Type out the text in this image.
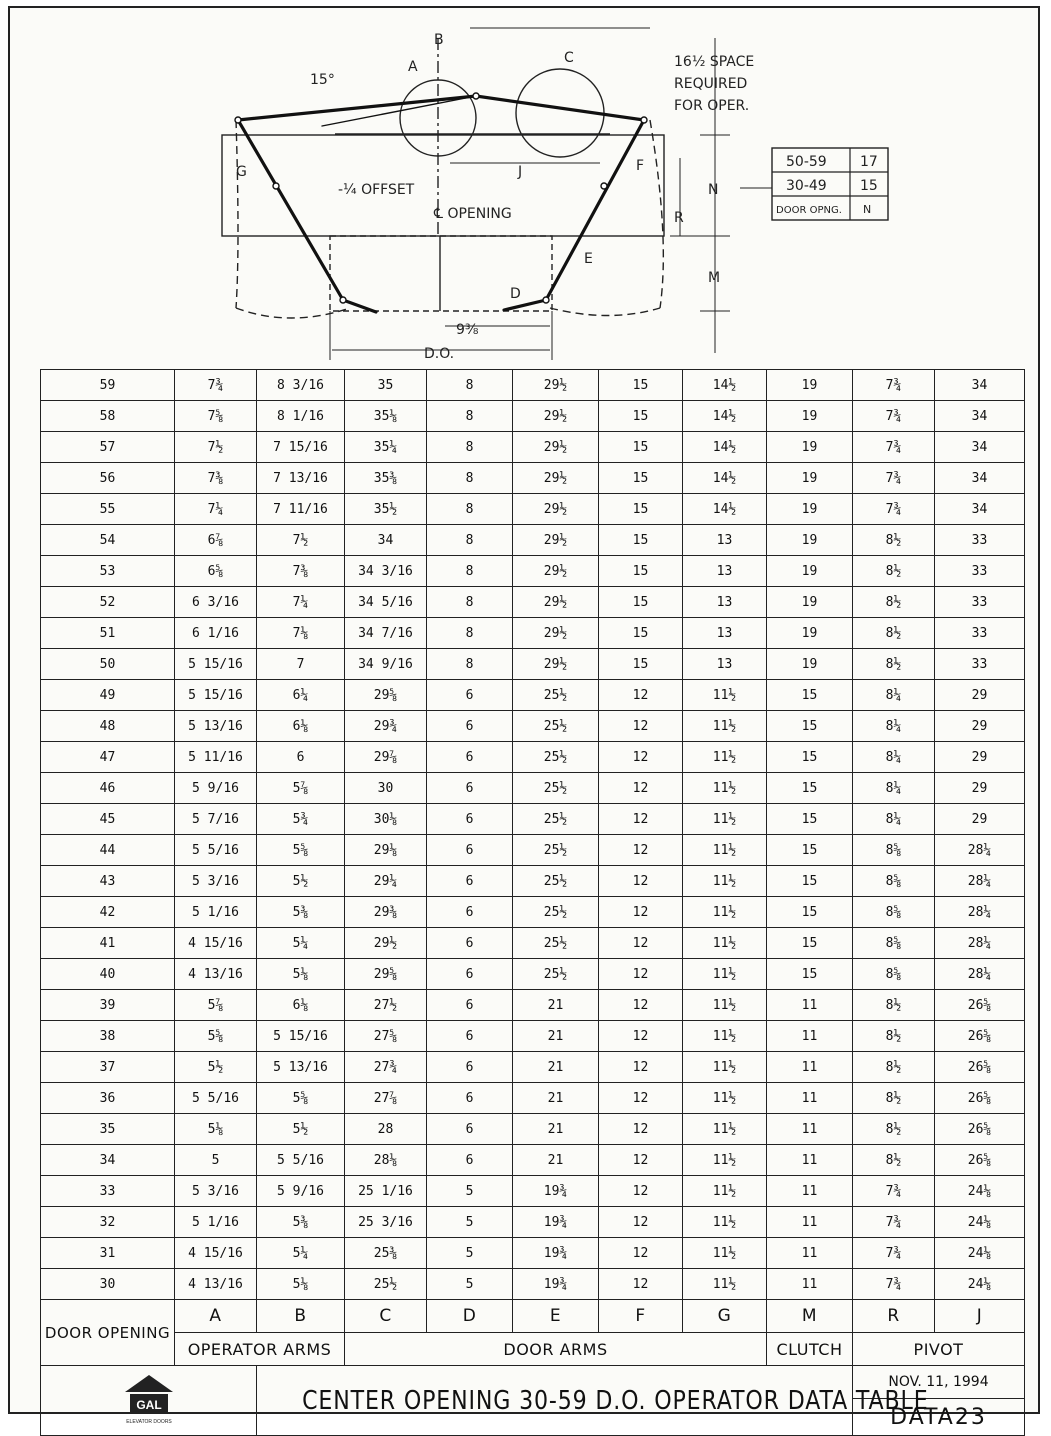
A
B
C
D
E
F
G	J
N
R
M
15°
-¼ OFFSET
℄ OPENING
16½ SPACE
REQUIRED
FOR OPER.
9⅜
D.O.
50-59 17
30-49 15
DOOR OPNG. N
59	7¾	8 3/16	35	8	29½	15	14½	19	7¾	34
58	7⅝	8 1/16	35⅛	8	29½	15	14½	19	7¾	34
57	7½	7 15/16	35¼	8	29½	15	14½	19	7¾	34
56	7⅜	7 13/16	35⅜	8	29½	15	14½	19	7¾	34
55	7¼	7 11/16	35½	8	29½	15	14½	19	7¾	34
54	6⅞	7½	34	8	29½	15	13	19	8½	33
53	6⅝	7⅜	34 3/16	8	29½	15	13	19	8½	33
52	6 3/16	7¼	34 5/16	8	29½	15	13	19	8½	33
51	6 1/16	7⅛	34 7/16	8	29½	15	13	19	8½	33
50	5 15/16	7	34 9/16	8	29½	15	13	19	8½	33
49	5 15/16	6¼	29⅝	6	25½	12	11½	15	8¼	29
48	5 13/16	6⅛	29¾	6	25½	12	11½	15	8¼	29
47	5 11/16	6	29⅞	6	25½	12	11½	15	8¼	29
46	5 9/16	5⅞	30	6	25½	12	11½	15	8¼	29
45	5 7/16	5¾	30⅛	6	25½	12	11½	15	8¼	29
44	5 5/16	5⅝	29⅛	6	25½	12	11½	15	8⅝	28¼
43	5 3/16	5½	29¼	6	25½	12	11½	15	8⅝	28¼
42	5 1/16	5⅜	29⅜	6	25½	12	11½	15	8⅝	28¼
41	4 15/16	5¼	29½	6	25½	12	11½	15	8⅝	28¼
40	4 13/16	5⅛	29⅝	6	25½	12	11½	15	8⅝	28¼
39	5⅞	6⅛	27½	6	21	12	11½	11	8½	26⅝
38	5⅝	5 15/16	27⅝	6	21	12	11½	11	8½	26⅝
37	5½	5 13/16	27¾	6	21	12	11½	11	8½	26⅝
36	5 5/16	5⅝	27⅞	6	21	12	11½	11	8½	26⅝
35	5⅛	5½	28	6	21	12	11½	11	8½	26⅝
34	5	5 5/16	28⅛	6	21	12	11½	11	8½	26⅝
33	5 3/16	5 9/16	25 1/16	5	19¾	12	11½	11	7¾	24⅛
32	5 1/16	5⅜	25 3/16	5	19¾	12	11½	11	7¾	24⅛
31	4 15/16	5¼	25⅜	5	19¾	12	11½	11	7¾	24⅛
30	4 13/16	5⅛	25½	5	19¾	12	11½	11	7¾	24⅛
DOOR OPENING	A	B	C	D	E	F	G	M	R	J
	OPERATOR ARMS		DOOR ARMS					CLUTCH	PIVOT	

GAL
ELEVATOR DOORS		CENTER OPENING 30-59 D.O. OPERATOR DATA TABLE							NOV. 11, 1994	
									DATA23	
